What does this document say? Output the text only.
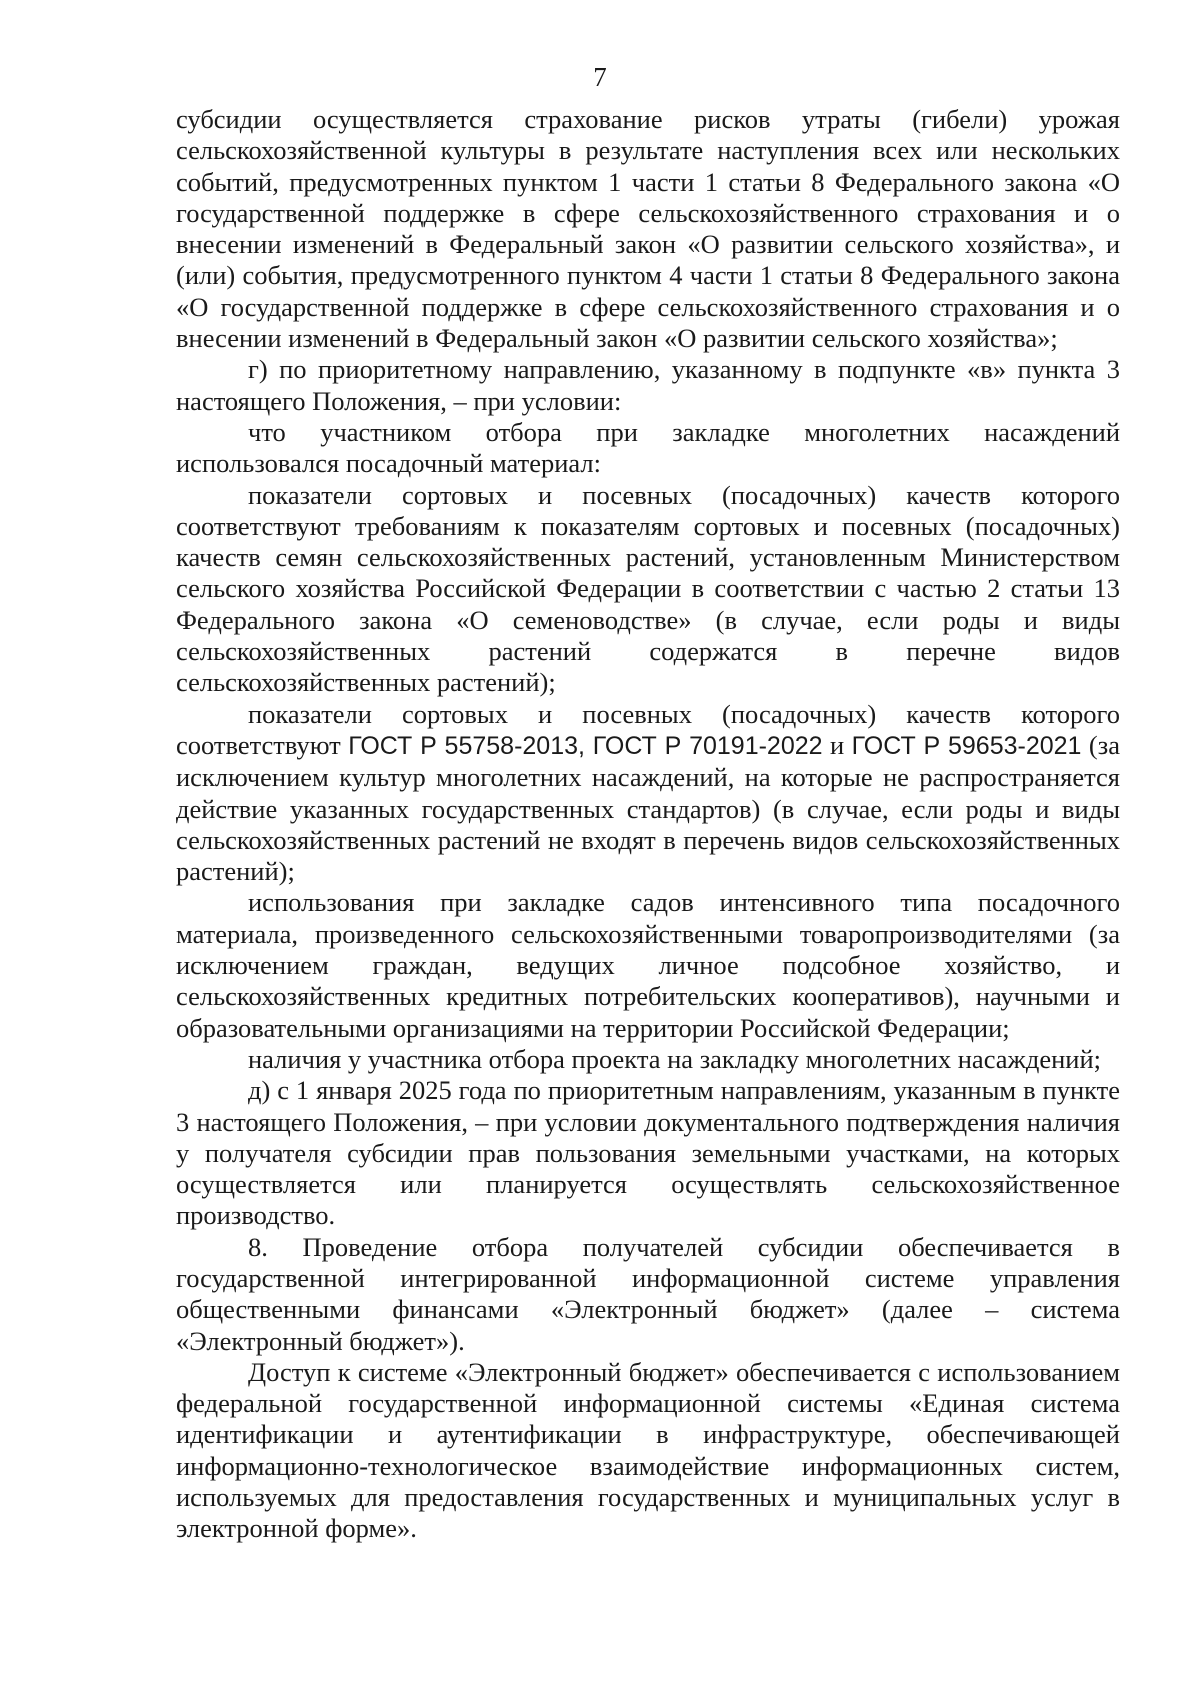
7

субсидии осуществляется страхование рисков утраты (гибели) урожая сельскохозяйственной культуры в результате наступления всех или нескольких событий, предусмотренных пунктом 1 части 1 статьи 8 Федерального закона «О государственной поддержке в сфере сельскохозяйственного страхования и о внесении изменений в Федеральный закон «О развитии сельского хозяйства», и (или) события, предусмотренного пунктом 4 части 1 статьи 8 Федерального закона «О государственной поддержке в сфере сельскохозяйственного страхования и о внесении изменений в Федеральный закон «О развитии сельского хозяйства»;

г) по приоритетному направлению, указанному в подпункте «в» пункта 3 настоящего Положения, – при условии:

что участником отбора при закладке многолетних насаждений использовался посадочный материал:

показатели сортовых и посевных (посадочных) качеств которого соответствуют требованиям к показателям сортовых и посевных (посадочных) качеств семян сельскохозяйственных растений, установленным Министерством сельского хозяйства Российской Федерации в соответствии с частью 2 статьи 13 Федерального закона «О семеноводстве» (в случае, если роды и виды сельскохозяйственных растений содержатся в перечне видов сельскохозяйственных растений);

показатели сортовых и посевных (посадочных) качеств которого соответствуют ГОСТ Р 55758-2013, ГОСТ Р 70191-2022 и ГОСТ Р 59653-2021 (за исключением культур многолетних насаждений, на которые не распространяется действие указанных государственных стандартов) (в случае, если роды и виды сельскохозяйственных растений не входят в перечень видов сельскохозяйственных растений);

использования при закладке садов интенсивного типа посадочного материала, произведенного сельскохозяйственными товаропроизводителями (за исключением граждан, ведущих личное подсобное хозяйство, и сельскохозяйственных кредитных потребительских кооперативов), научными и образовательными организациями на территории Российской Федерации;

наличия у участника отбора проекта на закладку многолетних насаждений;

д) с 1 января 2025 года по приоритетным направлениям, указанным в пункте 3 настоящего Положения, – при условии документального подтверждения наличия у получателя субсидии прав пользования земельными участками, на которых осуществляется или планируется осуществлять сельскохозяйственное производство.

8. Проведение отбора получателей субсидии обеспечивается в государственной интегрированной информационной системе управления общественными финансами «Электронный бюджет» (далее – система «Электронный бюджет»).

Доступ к системе «Электронный бюджет» обеспечивается с использованием федеральной государственной информационной системы «Единая система идентификации и аутентификации в инфраструктуре, обеспечивающей информационно-технологическое взаимодействие информационных систем, используемых для предоставления государственных и муниципальных услуг в электронной форме».
